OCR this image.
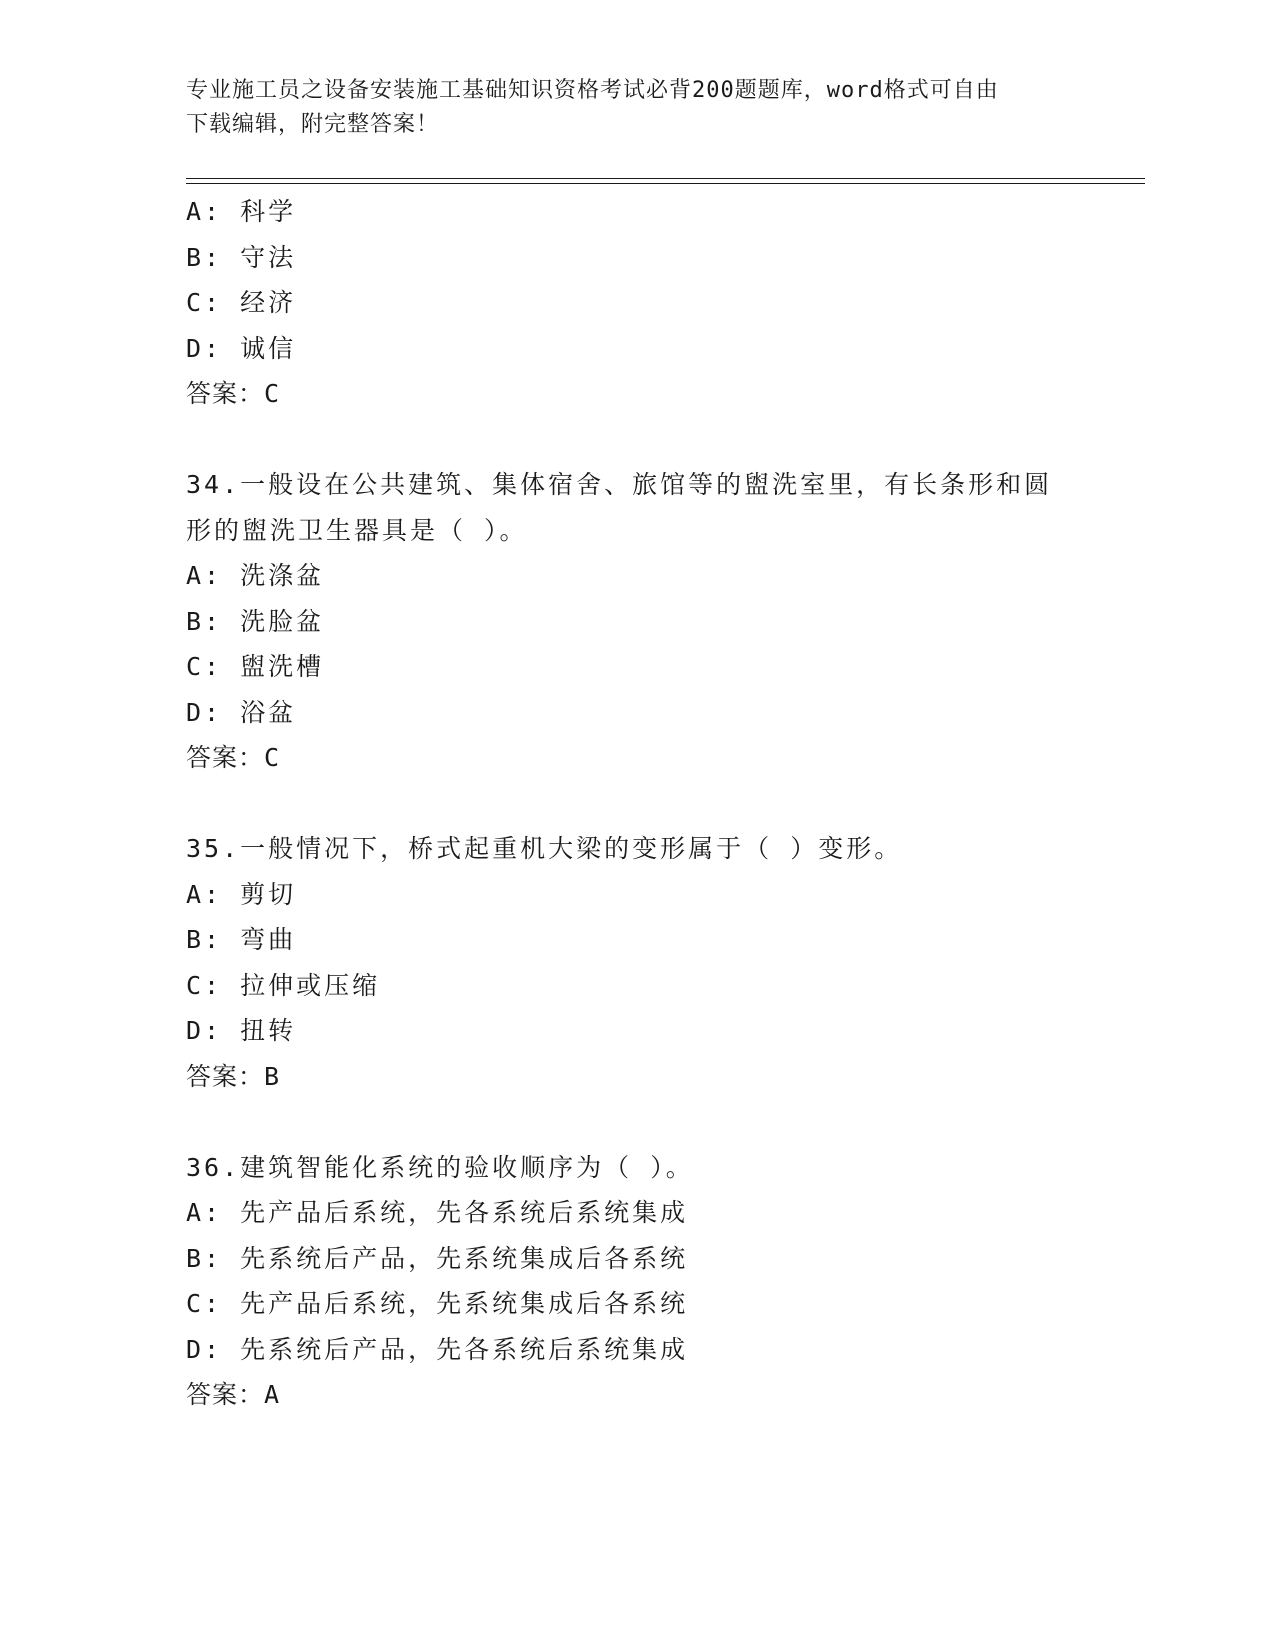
专业施工员之设备安装施工基础知识资格考试必背200题题库，word格式可自由
下载编辑，附完整答案！
A: 科学
B: 守法
C: 经济
D: 诚信
答案：C
34.一般设在公共建筑、集体宿舍、旅馆等的盥洗室里，有长条形和圆
形的盥洗卫生器具是（ ）。
A: 洗涤盆
B: 洗脸盆
C: 盥洗槽
D: 浴盆
答案：C
35.一般情况下，桥式起重机大梁的变形属于（ ）变形。
A: 剪切
B: 弯曲
C: 拉伸或压缩
D: 扭转
答案：B
36.建筑智能化系统的验收顺序为（ ）。
A: 先产品后系统，先各系统后系统集成
B: 先系统后产品，先系统集成后各系统
C: 先产品后系统，先系统集成后各系统
D: 先系统后产品，先各系统后系统集成
答案：A
